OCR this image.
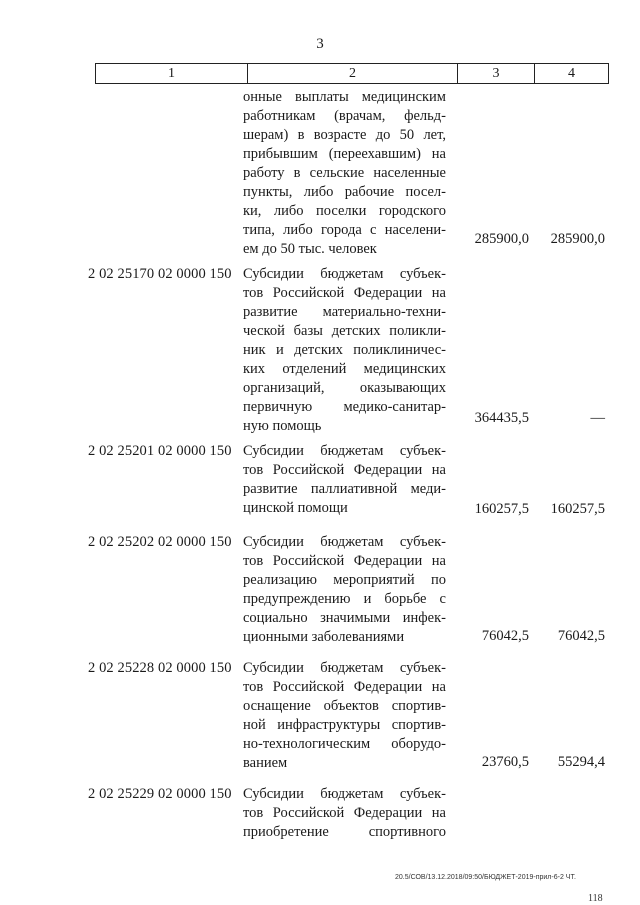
3
1	2	3	4
онные выплаты медицинским
работникам (врачам, фельд-
шерам) в возрасте до 50 лет,
прибывшим (переехавшим) на
работу в сельские населенные
пункты, либо рабочие посел-
ки, либо поселки городского
типа, либо города с населени-
ем до 50 тыс. человек
285900,0	285900,0
2 02 25170 02 0000 150 Субсидии бюджетам субъек-
тов Российской Федерации на
развитие материально-техни-
ческой базы детских поликли-
ник и детских поликлиничес-
ких отделений медицинских
организаций, оказывающих
первичную медико-санитар-
ную помощь	364435,5	—
2 02 25201 02 0000 150 Субсидии бюджетам субъек-
тов Российской Федерации на
развитие паллиативной меди-
цинской помощи	160257,5	160257,5
2 02 25202 02 0000 150 Субсидии бюджетам субъек-
тов Российской Федерации на
реализацию мероприятий по
предупреждению и борьбе с
социально значимыми инфек-
ционными заболеваниями	76042,5	76042,5
2 02 25228 02 0000 150 Субсидии бюджетам субъек-
тов Российской Федерации на
оснащение объектов спортив-
ной инфраструктуры спортив-
но-технологическим оборудо-
ванием	23760,5	55294,4
2 02 25229 02 0000 150 Субсидии бюджетам субъек-
тов Российской Федерации на
приобретение спортивного
20.5/СОВ/13.12.2018/09:50/БЮДЖЕТ-2019-прил-6-2 ЧТ.
118
